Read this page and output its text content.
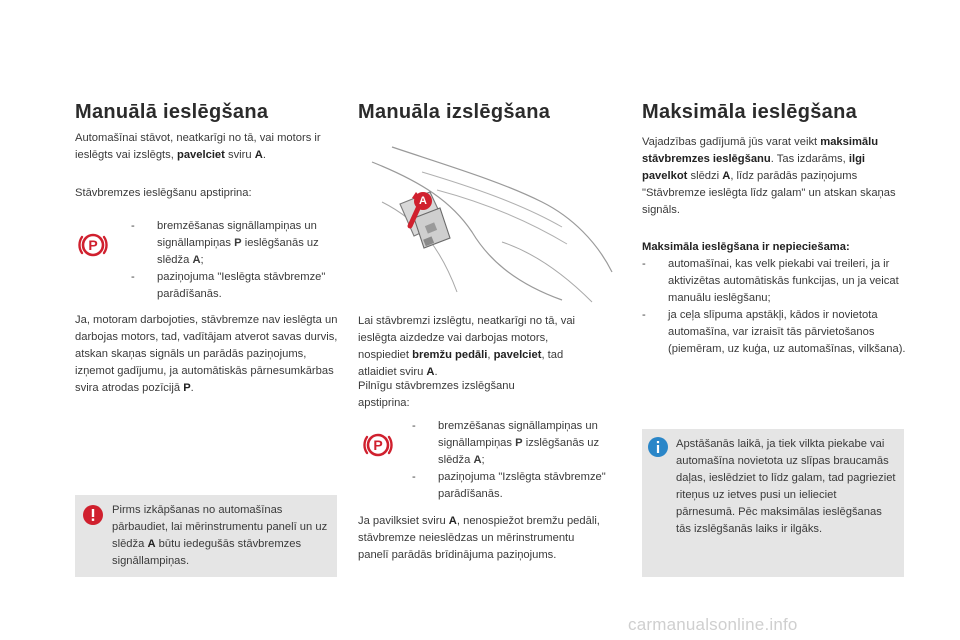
Manuālā ieslēgšana

Automašīnai stāvot, neatkarīgi no tā, vai motors ir ieslēgts vai izslēgts, pavelciet sviru A.

Stāvbremzes ieslēgšanu apstiprina:

P
- bremzēšanas signāllampiņas un signāllampiņas P ieslēgšanās uz slēdža A;
- paziņojuma "Ieslēgta stāvbremze" parādīšanās.

Ja, motoram darbojoties, stāvbremze nav ieslēgta un darbojas motors, tad, vadītājam atverot savas durvis, atskan skaņas signāls un parādās paziņojums, izņemot gadījumu, ja automātiskās pārnesumkārbas svira atrodas pozīcijā P.

Pirms izkāpšanas no automašīnas pārbaudiet, lai mērinstrumentu panelī un uz slēdža A būtu iedegušās stāvbremzes signāllampiņas.

Manuāla izslēgšana
A

Lai stāvbremzi izslēgtu, neatkarīgi no tā, vai ieslēgta aizdedze vai darbojas motors, nospiediet bremžu pedāli, pavelciet, tad atlaidiet sviru A.

Pilnīgu stāvbremzes izslēgšanu apstiprina:

P
- bremzēšanas signāllampiņas un signāllampiņas P izslēgšanās uz slēdža A;
- paziņojuma "Izslēgta stāvbremze" parādīšanās.

Ja pavilksiet sviru A, nenospiežot bremžu pedāli, stāvbremze neieslēdzas un mērinstrumentu panelī parādās brīdinājuma paziņojums.

Maksimāla ieslēgšana

Vajadzības gadījumā jūs varat veikt maksimālu stāvbremzes ieslēgšanu. Tas izdarāms, ilgi pavelkot slēdzi A, līdz parādās paziņojums "Stāvbremze ieslēgta līdz galam" un atskan skaņas signāls.

Maksimāla ieslēgšana ir nepieciešama:

- automašīnai, kas velk piekabi vai treileri, ja ir aktivizētas automātiskās funkcijas, un ja veicat manuālu ieslēgšanu;
- ja ceļa slīpuma apstākļi, kādos ir novietota automašīna, var izraisīt tās pārvietošanos (piemēram, uz kuģa, uz automašīnas, vilkšana).

Apstāšanās laikā, ja tiek vilkta piekabe vai automašīna novietota uz slīpas braucamās daļas, ieslēdziet to līdz galam, tad pagrieziet riteņus uz ietves pusi un ielieciet pārnesumā. Pēc maksimālas ieslēgšanas tās izslēgšanās laiks ir ilgāks.

carmanualsonline.info
